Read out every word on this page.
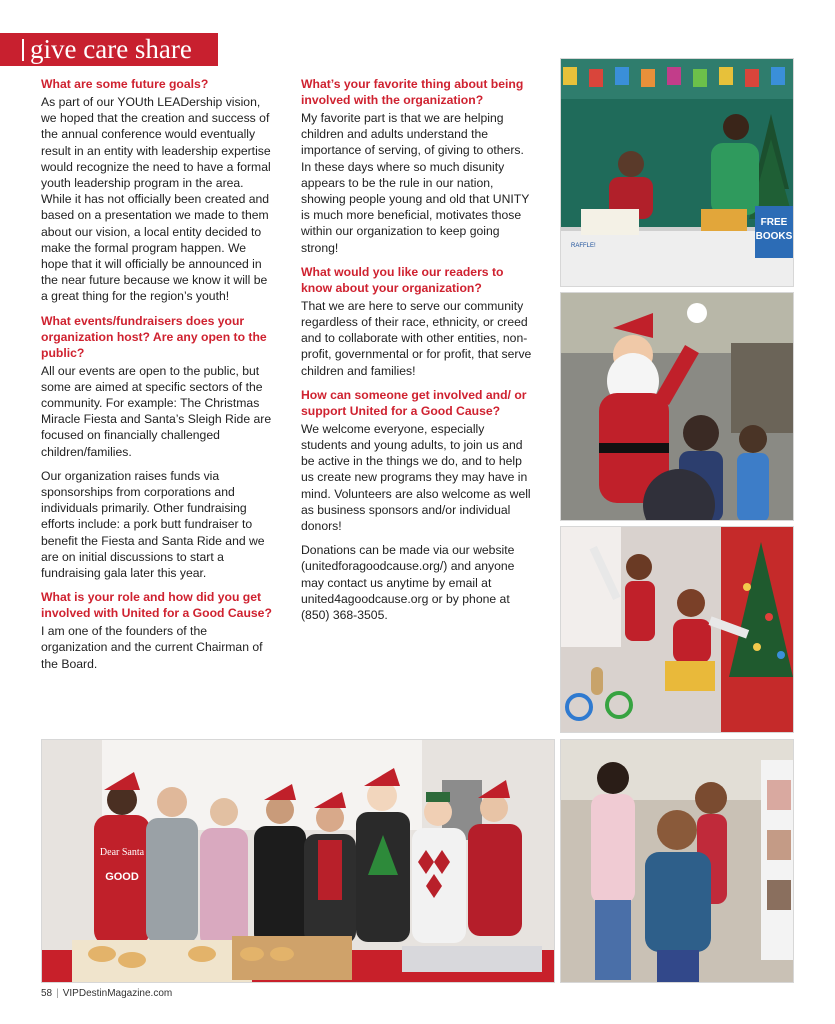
give care share
What are some future goals?
As part of our YOUth LEADership vision, we hoped that the creation and success of the annual conference would eventually result in an entity with leadership expertise would recognize the need to have a formal youth leadership program in the area. While it has not officially been created and based on a presentation we made to them about our vision, a local entity decided to make the formal program happen. We hope that it will officially be announced in the near future because we know it will be a great thing for the region’s youth!
What events/fundraisers does your organization host? Are any open to the public?
All our events are open to the public, but some are aimed at specific sectors of the community. For example: The Christmas Miracle Fiesta and Santa’s Sleigh Ride are focused on financially challenged children/families.
Our organization raises funds via sponsorships from corporations and individuals primarily. Other fundraising efforts include: a pork butt fundraiser to benefit the Fiesta and Santa Ride and we are on initial discussions to start a fundraising gala later this year.
What is your role and how did you get involved with United for a Good Cause?
I am one of the founders of the organization and the current Chairman of the Board.
What’s your favorite thing about being involved with the organization?
My favorite part is that we are helping children and adults understand the importance of serving, of giving to others. In these days where so much disunity appears to be the rule in our nation, showing people young and old that UNITY is much more beneficial, motivates those within our organization to keep going strong!
What would you like our readers to know about your organization?
That we are here to serve our community regardless of their race, ethnicity, or creed and to collaborate with other entities, non-profit, governmental or for profit, that serve children and families!
How can someone get involved and/ or support United for a Good Cause?
We welcome everyone, especially students and young adults, to join us and be active in the things we do, and to help us create new programs they may have in mind. Volunteers are also welcome as well as business sponsors and/or individual donors!
Donations can be made via our website (unitedforagoodcause.org/) and anyone may contact us anytime by email at united4agoodcause.org or by phone at (850) 368-3505.
FREE
BOOKS
RAFFLE!
Dear Santa
GOOD
58 | VIPDestinMagazine.com
